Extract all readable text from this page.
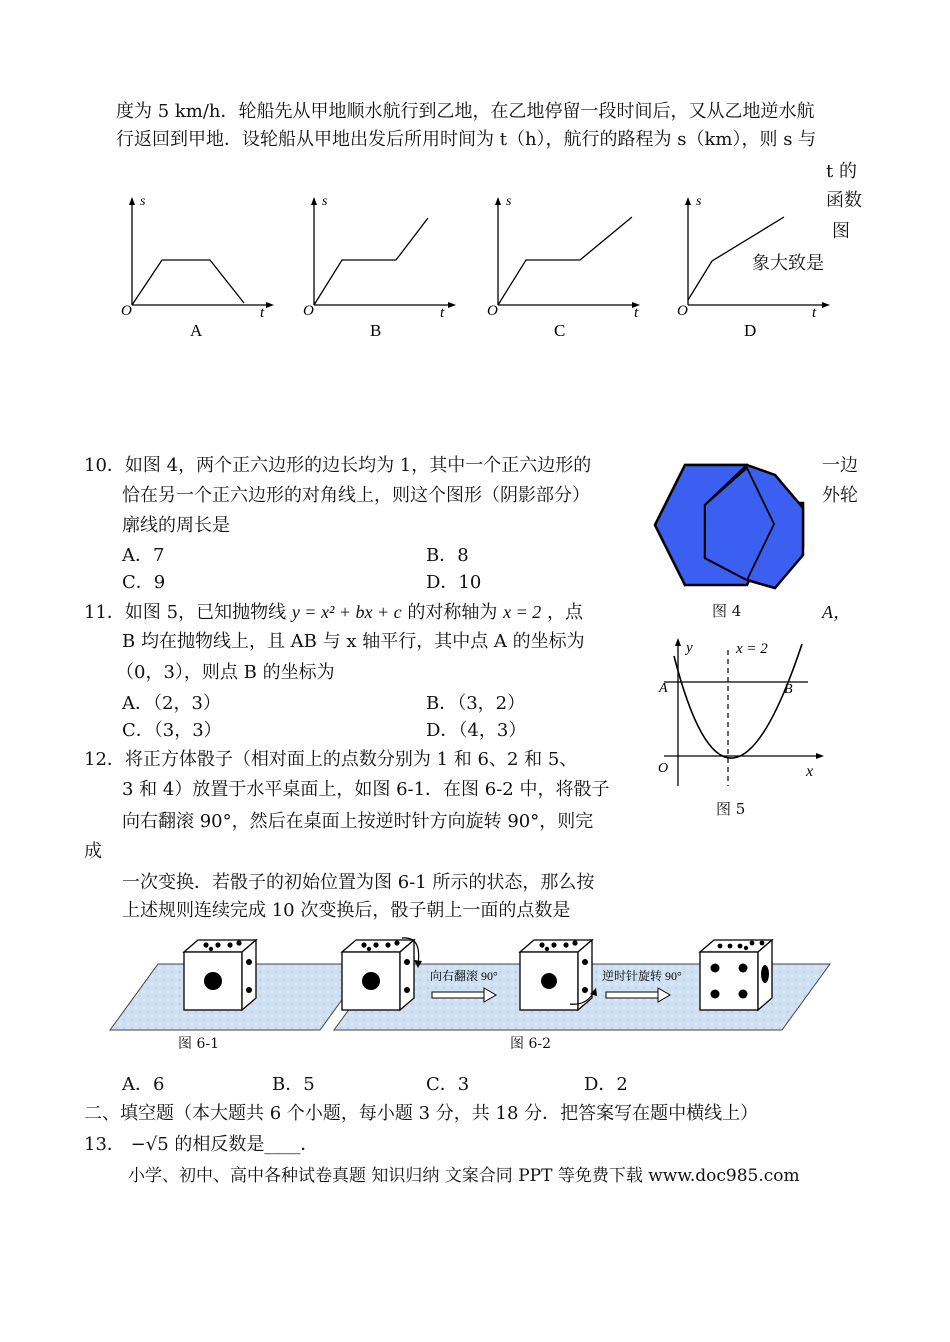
度为 5 km/h．轮船先从甲地顺水航行到乙地，在乙地停留一段时间后，又从乙地逆水航
行返回到甲地．设轮船从甲地出发后所用时间为 t（h），航行的路程为 s（km），则 s 与
t 的
函数
图
象大致是
s
O	t
A
s
O	t
B
s
O	t
C
s
O	t
D
10．如图 4，两个正六边形的边长均为 1，其中一个正六边形的	一边
恰在另一个正六边形的对角线上，则这个图形（阴影部分）	外轮
廓线的周长是
A．7	B．8
C．9	D．10
图 4
11．如图 5，已知抛物线 y = x² + bx + c 的对称轴为 x = 2 ，点	A，
B 均在抛物线上，且 AB 与 x 轴平行，其中点 A 的坐标为
（0，3），则点 B 的坐标为
A．（2，3）	B．（3，2）
C．（3，3）	D．（4，3）
y	x = 2
A	B
O	x
图 5
12．将正方体骰子（相对面上的点数分别为 1 和 6、2 和 5、
3 和 4）放置于水平桌面上，如图 6-1．在图 6-2 中，将骰子
向右翻滚 90°，然后在桌面上按逆时针方向旋转 90°，则完
成
一次变换．若骰子的初始位置为图 6-1 所示的状态，那么按
上述规则连续完成 10 次变换后，骰子朝上一面的点数是
向右翻滚 90°	逆时针旋转 90°
图 6-1	图 6-2
A．6	B．5	C．3	D．2
二、填空题（本大题共 6 个小题，每小题 3 分，共 18 分．把答案写在题中横线上）
13． −√5 的相反数是____．
小学、初中、高中各种试卷真题 知识归纳 文案合同 PPT 等免费下载 www.doc985.com
